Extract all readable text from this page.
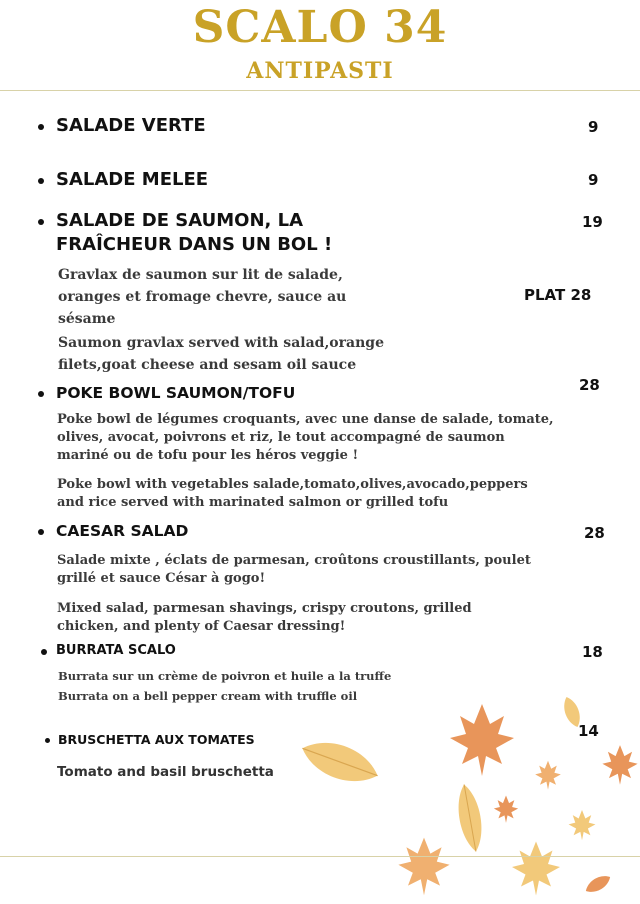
SCALO 34
ANTIPASTI
SALADE VERTE	9
SALADE MELEE	9
SALADE DE SAUMON, LA
FRAÎCHEUR DANS UN BOL !
19
Gravlax de saumon sur lit de salade,
oranges et fromage chevre, sauce au
sésame
PLAT 28
Saumon gravlax served with salad,orange
filets,goat cheese and sesam oil sauce
POKE BOWL SAUMON/TOFU	28
Poke bowl de légumes croquants, avec une danse de salade, tomate,
olives, avocat, poivrons et riz, le tout accompagné de saumon
mariné ou de tofu pour les héros veggie !
Poke bowl with vegetables salade,tomato,olives,avocado,peppers
and rice served with marinated salmon or grilled tofu
CAESAR SALAD	28
Salade mixte , éclats de parmesan, croûtons croustillants, poulet
grillé et sauce César à gogo!
Mixed salad, parmesan shavings, crispy croutons, grilled
chicken, and plenty of Caesar dressing!
BURRATA SCALO	18
Burrata sur un crème de poivron et huile a la truffe
Burrata on a bell pepper cream with truffle oil
BRUSCHETTA AUX TOMATES	14
Tomato and basil bruschetta
